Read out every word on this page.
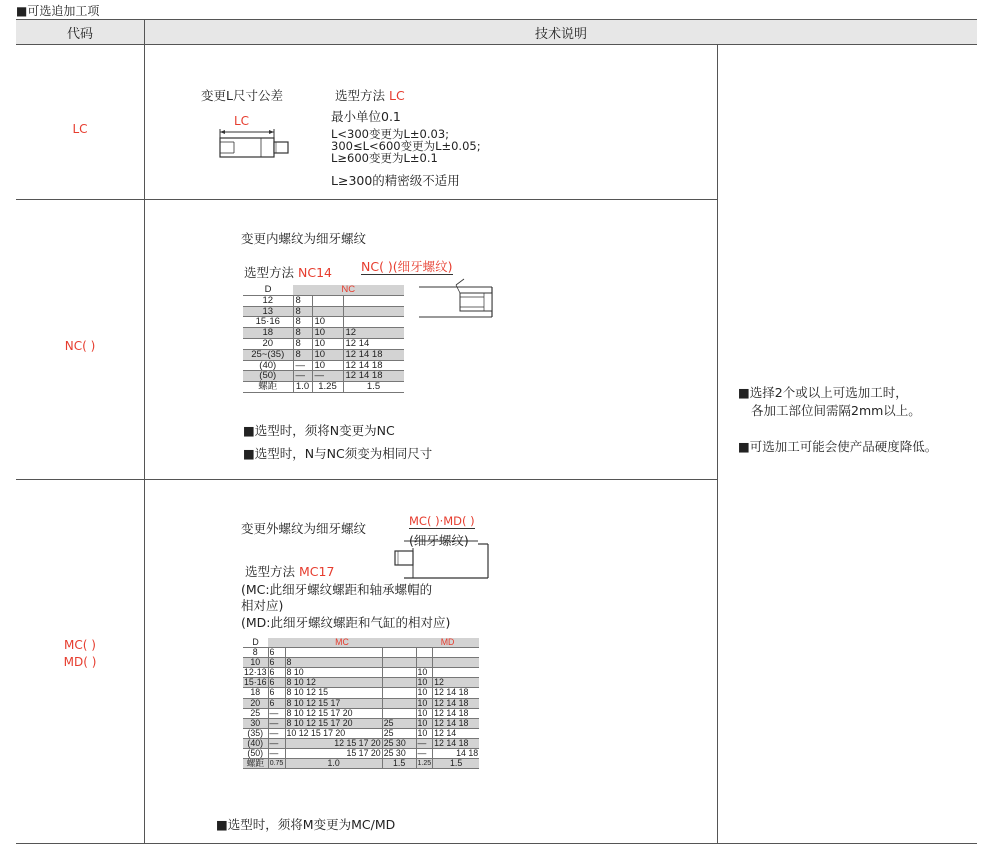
■可选追加工项
代码	技术说明
LC
变更L尺寸公差	选型方法 LC
LC	最小单位0.1
L<300变更为L±0.03;
300≤L<600变更为L±0.05;
L≥600变更为L±0.1
L≥300的精密级不适用
NC( )
变更内螺纹为细牙螺纹
选型方法 NC14 NC( )(细牙螺纹)
D	NC		
12	8		
13	8		
15·16	8	10	
18	8	10	12
20	8	10	12 14
25~(35)	8	10	12 14 18
(40)	—	10	12 14 18
(50)	—	—	12 14 18
螺距	1.0	1.25	1.5
■选型时，须将N变更为NC
■选型时，N与NC须变为相同尺寸
MC( )
MD( )
变更外螺纹为细牙螺纹	MC( )·MD( )
(细牙螺纹)
选型方法 MC17
(MC:此细牙螺纹螺距和轴承螺帽的
相对应)
(MD:此细牙螺纹螺距和气缸的相对应)
D	MC			MD	
8	6				
10	6	8			
12·13	6	8 10		10	
15·16	6	8 10 12		10	12
18	6	8 10 12 15		10	12 14 18
20	6	8 10 12 15 17		10	12 14 18
25	—	8 10 12 15 17 20		10	12 14 18
30	—	8 10 12 15 17 20	25	10	12 14 18
(35)	—	10 12 15 17 20	25	10	12 14
(40)	—	12 15 17 20	25 30	—	12 14 18
(50)	—	15 17 20	25 30	—	14 18
螺距	0.75	1.0	1.5	1.25	1.5
■选型时，须将M变更为MC/MD
■选择2个或以上可选加工时，
各加工部位间需隔2mm以上。
■可选加工可能会使产品硬度降低。
